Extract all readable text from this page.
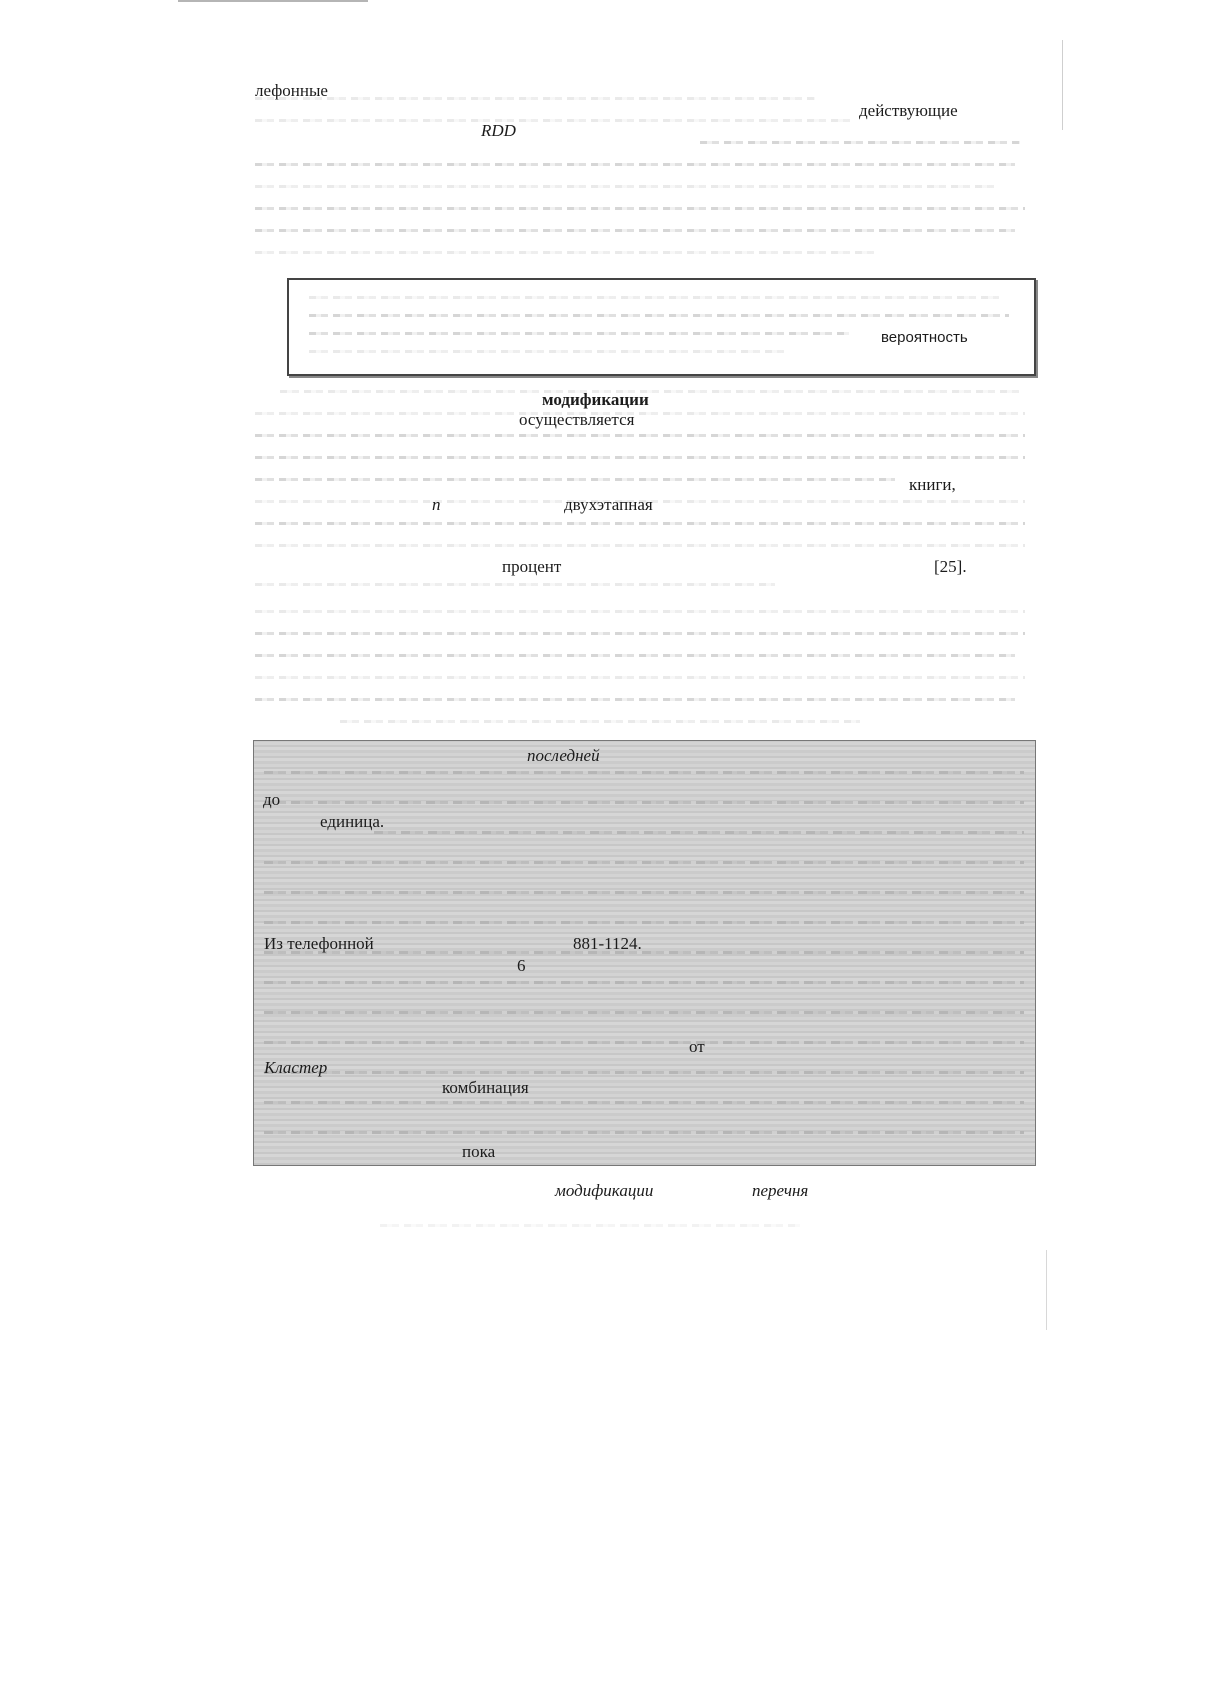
лефонные
действующие
RDD
вероятность
модификации
осуществляется
книги,
n	двухэтапная
процент	[25].
последней
до
единица.
Из телефонной	881-1124.
6
от
Кластер
комбинация
пока
модификации	перечня
